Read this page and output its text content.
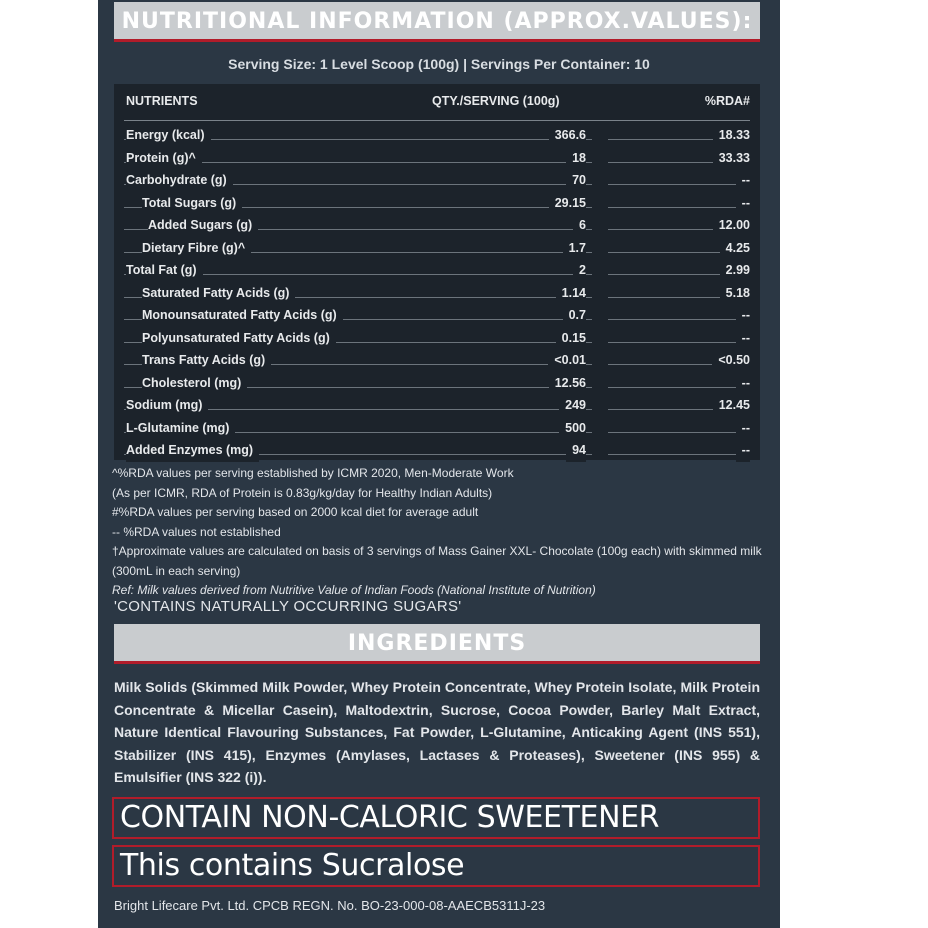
NUTRITIONAL INFORMATION (APPROX.VALUES):
Serving Size: 1 Level Scoop (100g) | Servings Per Container: 10
NUTRIENTS	QTY./SERVING (100g)	%RDA#
Energy (kcal)	366.6	18.33
Protein (g)^	18	33.33
Carbohydrate (g)	70	--
Total Sugars (g)	29.15	--
Added Sugars (g)	6	12.00
Dietary Fibre (g)^	1.7	4.25
Total Fat (g)	2	2.99
Saturated Fatty Acids (g)	1.14	5.18
Monounsaturated Fatty Acids (g)	0.7	--
Polyunsaturated Fatty Acids (g)	0.15	--
Trans Fatty Acids (g)	<0.01	<0.50
Cholesterol (mg)	12.56	--
Sodium (mg)	249	12.45
L-Glutamine (mg)	500	--
Added Enzymes (mg)	94	--
^%RDA values per serving established by ICMR 2020, Men-Moderate Work
(As per ICMR, RDA of Protein is 0.83g/kg/day for Healthy Indian Adults)
#%RDA values per serving based on 2000 kcal diet for average adult
-- %RDA values not established
†Approximate values are calculated on basis of 3 servings of Mass Gainer XXL- Chocolate (100g each) with skimmed milk (300mL in each serving)
Ref: Milk values derived from Nutritive Value of Indian Foods (National Institute of Nutrition)
'CONTAINS NATURALLY OCCURRING SUGARS'
INGREDIENTS
Milk Solids (Skimmed Milk Powder, Whey Protein Concentrate, Whey Protein Isolate, Milk Protein Concentrate & Micellar Casein), Maltodextrin, Sucrose, Cocoa Powder, Barley Malt Extract, Nature Identical Flavouring Substances, Fat Powder, L-Glutamine, Anticaking Agent (INS 551), Stabilizer (INS 415), Enzymes (Amylases, Lactases & Proteases), Sweetener (INS 955) & Emulsifier (INS 322 (i)).
CONTAIN NON-CALORIC SWEETENER
This contains Sucralose
Bright Lifecare Pvt. Ltd. CPCB REGN. No. BO-23-000-08-AAECB5311J-23
